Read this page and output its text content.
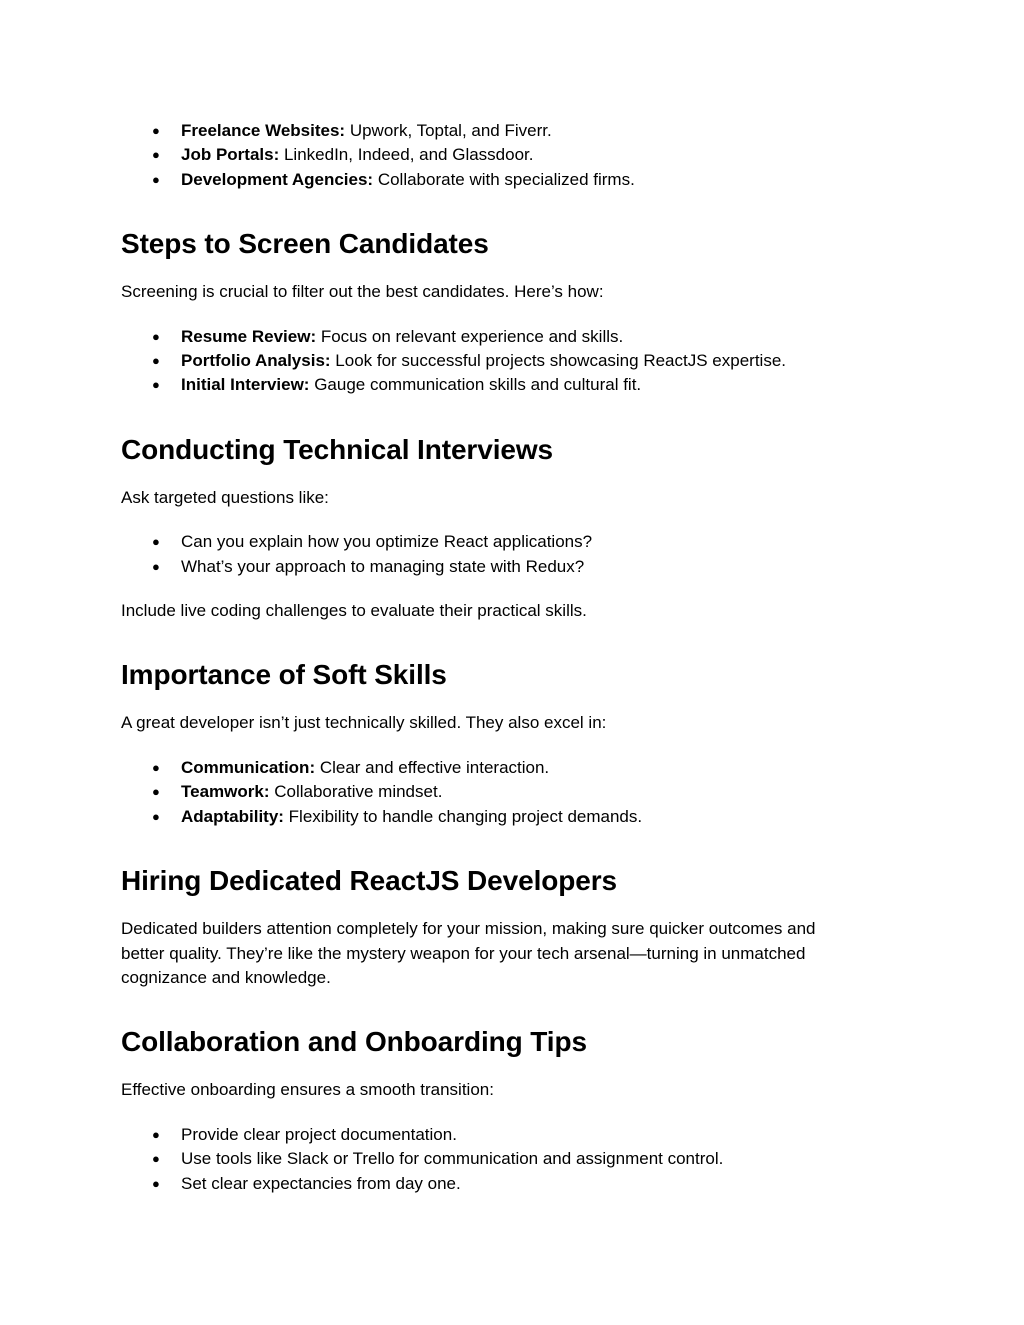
● Freelance Websites: Upwork, Toptal, and Fiverr.
● Job Portals: LinkedIn, Indeed, and Glassdoor.
● Development Agencies: Collaborate with specialized firms.
Steps to Screen Candidates

Screening is crucial to filter out the best candidates. Here’s how:

● Resume Review: Focus on relevant experience and skills.
● Portfolio Analysis: Look for successful projects showcasing ReactJS expertise.
● Initial Interview: Gauge communication skills and cultural fit.
Conducting Technical Interviews

Ask targeted questions like:

● Can you explain how you optimize React applications?
● What’s your approach to managing state with Redux?

Include live coding challenges to evaluate their practical skills.

Importance of Soft Skills

A great developer isn’t just technically skilled. They also excel in:

● Communication: Clear and effective interaction.
● Teamwork: Collaborative mindset.
● Adaptability: Flexibility to handle changing project demands.
Hiring Dedicated ReactJS Developers

Dedicated builders attention completely for your mission, making sure quicker outcomes and

better quality. They’re like the mystery weapon for your tech arsenal—turning in unmatched

cognizance and knowledge.

Collaboration and Onboarding Tips

Effective onboarding ensures a smooth transition:

● Provide clear project documentation.
● Use tools like Slack or Trello for communication and assignment control.
● Set clear expectancies from day one.
